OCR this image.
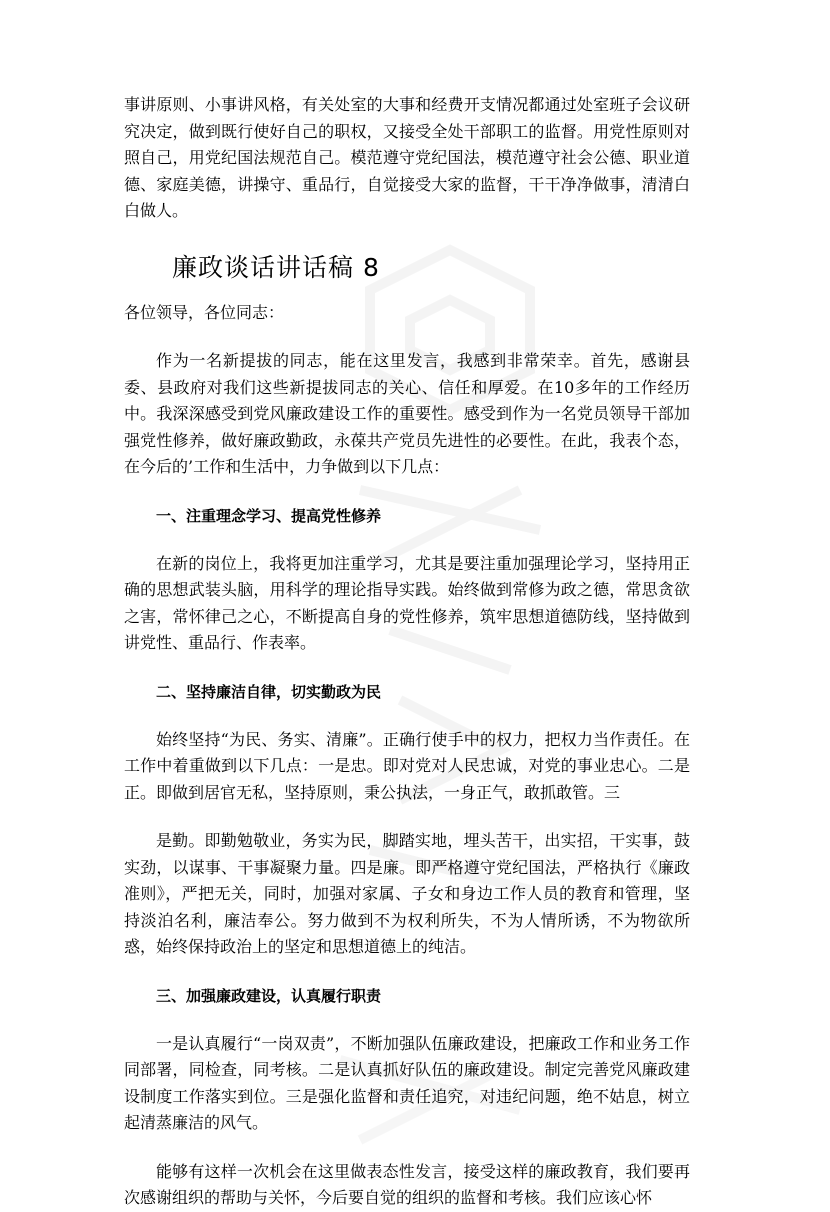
事讲原则、小事讲风格，有关处室的大事和经费开支情况都通过处室班子会议研究决定，做到既行使好自己的职权，又接受全处干部职工的监督。用党性原则对照自己，用党纪国法规范自己。模范遵守党纪国法，模范遵守社会公德、职业道德、家庭美德，讲操守、重品行，自觉接受大家的监督，干干净净做事，清清白白做人。

廉政谈话讲话稿 8

各位领导，各位同志：

作为一名新提拔的同志，能在这里发言，我感到非常荣幸。首先，感谢县委、县政府对我们这些新提拔同志的关心、信任和厚爱。在10多年的工作经历中。我深深感受到党风廉政建设工作的重要性。感受到作为一名党员领导干部加强党性修养，做好廉政勤政，永葆共产党员先进性的必要性。在此，我表个态，在今后的’工作和生活中，力争做到以下几点：

一、注重理念学习、提高党性修养

在新的岗位上，我将更加注重学习，尤其是要注重加强理论学习，坚持用正确的思想武装头脑，用科学的理论指导实践。始终做到常修为政之德，常思贪欲之害，常怀律己之心，不断提高自身的党性修养，筑牢思想道德防线，坚持做到讲党性、重品行、作表率。

二、坚持廉洁自律，切实勤政为民

始终坚持“为民、务实、清廉”。正确行使手中的权力，把权力当作责任。在工作中着重做到以下几点：一是忠。即对党对人民忠诚，对党的事业忠心。二是正。即做到居官无私，坚持原则，秉公执法，一身正气，敢抓敢管。三

是勤。即勤勉敬业，务实为民，脚踏实地，埋头苦干，出实招，干实事，鼓实劲，以谋事、干事凝聚力量。四是廉。即严格遵守党纪国法，严格执行《廉政准则》，严把无关，同时，加强对家属、子女和身边工作人员的教育和管理，坚持淡泊名利，廉洁奉公。努力做到不为权利所失，不为人情所诱，不为物欲所惑，始终保持政治上的坚定和思想道德上的纯洁。

三、加强廉政建设，认真履行职责

一是认真履行“一岗双责”，不断加强队伍廉政建设，把廉政工作和业务工作同部署，同检查，同考核。二是认真抓好队伍的廉政建设。制定完善党风廉政建设制度工作落实到位。三是强化监督和责任追究，对违纪问题，绝不姑息，树立起清蒸廉洁的风气。

能够有这样一次机会在这里做表态性发言，接受这样的廉政教育，我们要再次感谢组织的帮助与关怀，今后要自觉的组织的监督和考核。我们应该心怀
